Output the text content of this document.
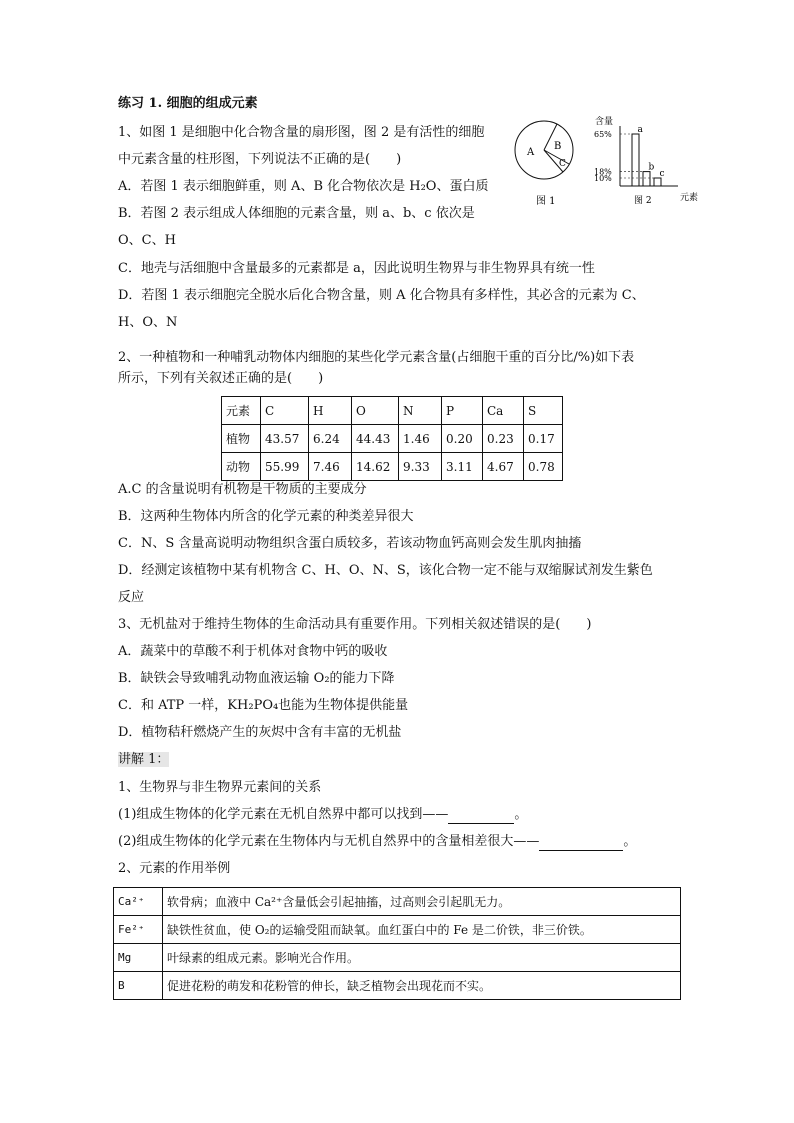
练习 1. 细胞的组成元素
1、如图 1 是细胞中化合物含量的扇形图，图 2 是有活性的细胞
中元素含量的柱形图，下列说法不正确的是(　　)
A．若图 1 表示细胞鲜重，则 A、B 化合物依次是 H₂O、蛋白质
B．若图 2 表示组成人体细胞的元素含量，则 a、b、c 依次是
O、C、H
C．地壳与活细胞中含量最多的元素都是 a，因此说明生物界与非生物界具有统一性
D．若图 1 表示细胞完全脱水后化合物含量，则 A 化合物具有多样性，其必含的元素为 C、
H、O、N
A
B
C
图 1
含量
元素
图 2
a
65%
b
18%	c
10%
2、一种植物和一种哺乳动物体内细胞的某些化学元素含量(占细胞干重的百分比/%)如下表
所示，下列有关叙述正确的是(　　)
元素	C	H	O	N	P	Ca	S
植物	43.57	6.24	44.43	1.46	0.20	0.23	0.17
动物	55.99	7.46	14.62	9.33	3.11	4.67	0.78
A.C 的含量说明有机物是干物质的主要成分
B．这两种生物体内所含的化学元素的种类差异很大
C．N、S 含量高说明动物组织含蛋白质较多，若该动物血钙高则会发生肌肉抽搐
D．经测定该植物中某有机物含 C、H、O、N、S，该化合物一定不能与双缩脲试剂发生紫色
反应
3、无机盐对于维持生物体的生命活动具有重要作用。下列相关叙述错误的是(　　)
A．蔬菜中的草酸不利于机体对食物中钙的吸收
B．缺铁会导致哺乳动物血液运输 O₂的能力下降
C．和 ATP 一样，KH₂PO₄也能为生物体提供能量
D．植物秸秆燃烧产生的灰烬中含有丰富的无机盐
讲解 1：
1、生物界与非生物界元素间的关系
(1)组成生物体的化学元素在无机自然界中都可以找到——	。
(2)组成生物体的化学元素在生物体内与无机自然界中的含量相差很大——	。
2、元素的作用举例
Ca²⁺	软骨病；血液中 Ca²⁺含量低会引起抽搐，过高则会引起肌无力。
Fe²⁺	缺铁性贫血，使 O₂的运输受阻而缺氧。血红蛋白中的 Fe 是二价铁，非三价铁。
Mg	叶绿素的组成元素。影响光合作用。
B	促进花粉的萌发和花粉管的伸长，缺乏植物会出现花而不实。
